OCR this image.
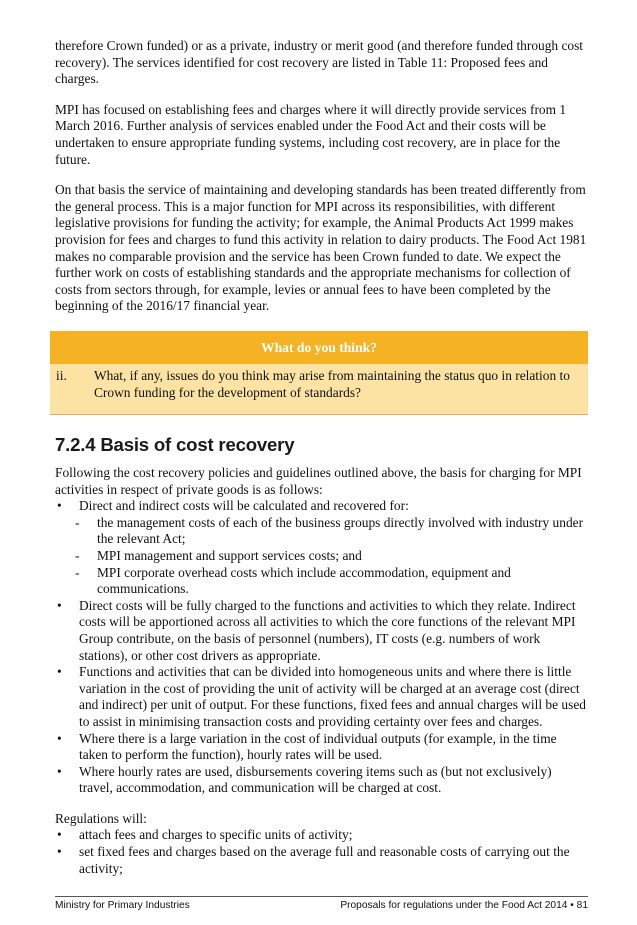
therefore Crown funded) or as a private, industry or merit good (and therefore funded through cost recovery). The services identified for cost recovery are listed in Table 11: Proposed fees and charges.

MPI has focused on establishing fees and charges where it will directly provide services from 1 March 2016. Further analysis of services enabled under the Food Act and their costs will be undertaken to ensure appropriate funding systems, including cost recovery, are in place for the future.

On that basis the service of maintaining and developing standards has been treated differently from the general process. This is a major function for MPI across its responsibilities, with different legislative provisions for funding the activity; for example, the Animal Products Act 1999 makes provision for fees and charges to fund this activity in relation to dairy products. The Food Act 1981 makes no comparable provision and the service has been Crown funded to date. We expect the further work on costs of establishing standards and the appropriate mechanisms for collection of costs from sectors through, for example, levies or annual fees to have been completed by the beginning of the 2016/17 financial year.

What do you think?
ii.	What, if any, issues do you think may arise from maintaining the status quo in relation to Crown funding for the development of standards?
7.2.4 Basis of cost recovery

Following the cost recovery policies and guidelines outlined above, the basis for charging for MPI activities in respect of private goods is as follows:

•	Direct and indirect costs will be calculated and recovered for:

-	the management costs of each of the business groups directly involved with industry under the relevant Act;

-	MPI management and support services costs; and

-	MPI corporate overhead costs which include accommodation, equipment and communications.

•	Direct costs will be fully charged to the functions and activities to which they relate. Indirect costs will be apportioned across all activities to which the core functions of the relevant MPI Group contribute, on the basis of personnel (numbers), IT costs (e.g. numbers of work stations), or other cost drivers as appropriate.

•	Functions and activities that can be divided into homogeneous units and where there is little variation in the cost of providing the unit of activity will be charged at an average cost (direct and indirect) per unit of output. For these functions, fixed fees and annual charges will be used to assist in minimising transaction costs and providing certainty over fees and charges.

•	Where there is a large variation in the cost of individual outputs (for example, in the time taken to perform the function), hourly rates will be used.

•	Where hourly rates are used, disbursements covering items such as (but not exclusively) travel, accommodation, and communication will be charged at cost.

Regulations will:

•	attach fees and charges to specific units of activity;

•	set fixed fees and charges based on the average full and reasonable costs of carrying out the activity;

Ministry for Primary Industries	Proposals for regulations under the Food Act 2014 • 81
